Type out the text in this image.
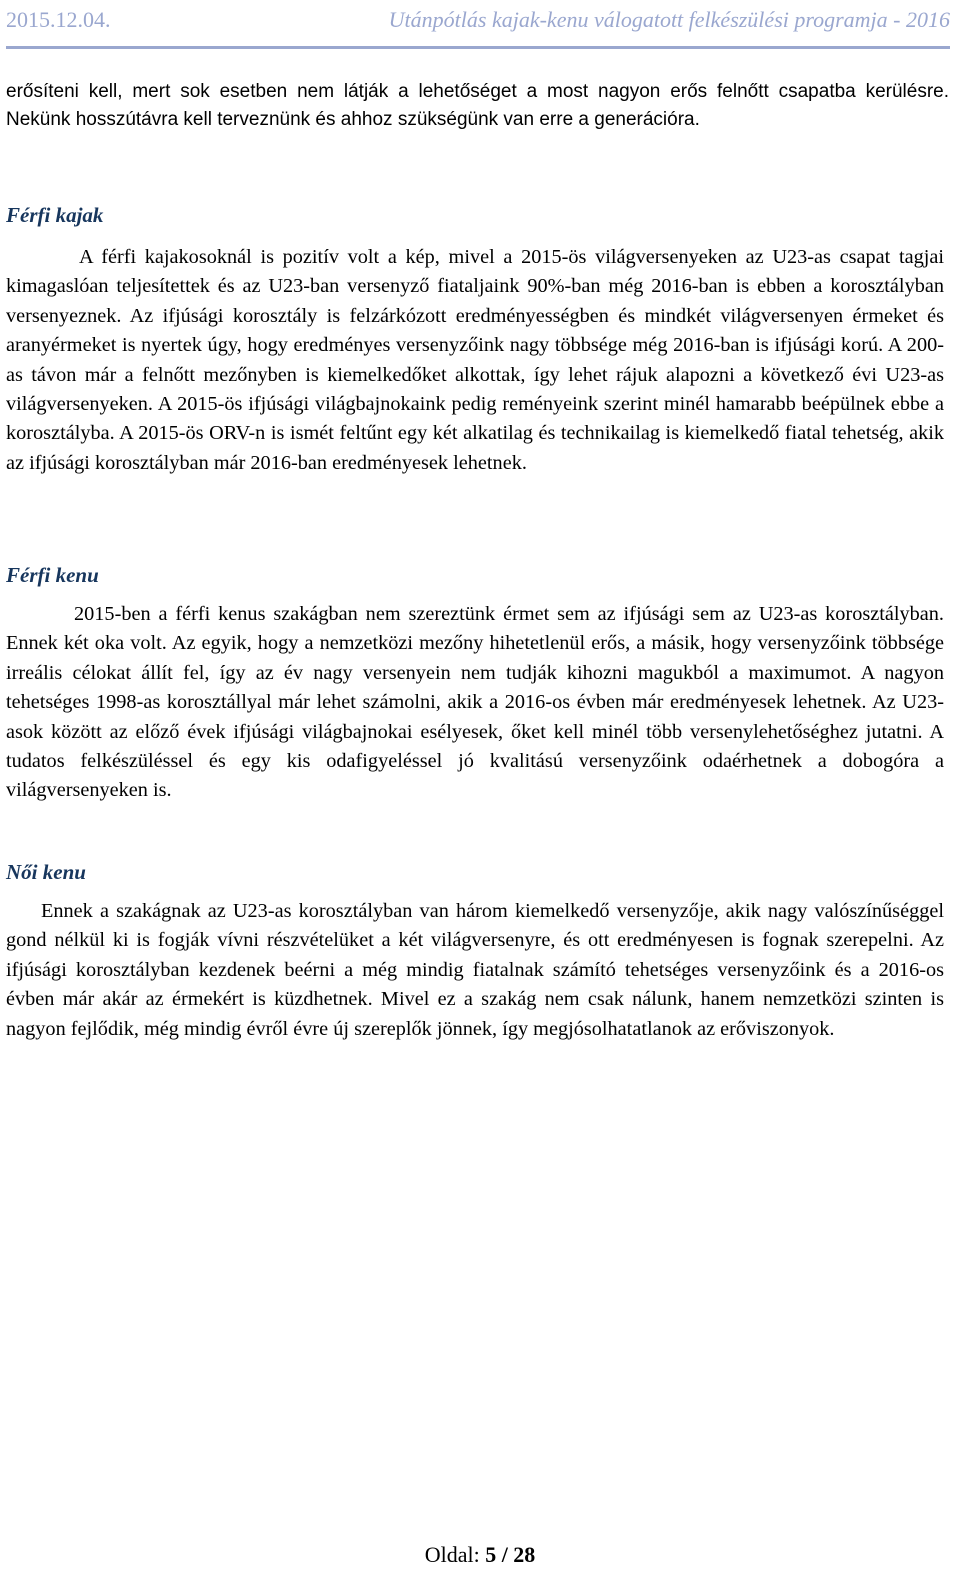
2015.12.04.	Utánpótlás kajak-kenu válogatott felkészülési programja - 2016

erősíteni kell, mert sok esetben nem látják a lehetőséget a most nagyon erős felnőtt csapatba kerülésre. Nekünk hosszútávra kell terveznünk és ahhoz szükségünk van erre a generációra.

Férfi kajak

A férfi kajakosoknál is pozitív volt a kép, mivel a 2015-ös világversenyeken az U23-as csapat tagjai kimagaslóan teljesítettek és az U23-ban versenyző fiataljaink 90%-ban még 2016-ban is ebben a korosztályban versenyeznek. Az ifjúsági korosztály is felzárkózott eredményességben és mindkét világversenyen érmeket és aranyérmeket is nyertek úgy, hogy eredményes versenyzőink nagy többsége még 2016-ban is ifjúsági korú. A 200-as távon már a felnőtt mezőnyben is kiemelkedőket alkottak, így lehet rájuk alapozni a következő évi U23-as világversenyeken. A 2015-ös ifjúsági világbajnokaink pedig reményeink szerint minél hamarabb beépülnek ebbe a korosztályba. A 2015-ös ORV-n is ismét feltűnt egy két alkatilag és technikailag is kiemelkedő fiatal tehetség, akik az ifjúsági korosztályban már 2016-ban eredményesek lehetnek.

Férfi kenu

2015-ben a férfi kenus szakágban nem szereztünk érmet sem az ifjúsági sem az U23-as korosztályban. Ennek két oka volt. Az egyik, hogy a nemzetközi mezőny hihetetlenül erős, a másik, hogy versenyzőink többsége irreális célokat állít fel, így az év nagy versenyein nem tudják kihozni magukból a maximumot. A nagyon tehetséges 1998-as korosztállyal már lehet számolni, akik a 2016-os évben már eredményesek lehetnek. Az U23-asok között az előző évek ifjúsági világbajnokai esélyesek, őket kell minél több versenylehetőséghez jutatni. A tudatos felkészüléssel és egy kis odafigyeléssel jó kvalitású versenyzőink odaérhetnek a dobogóra a világversenyeken is.

Női kenu

Ennek a szakágnak az U23-as korosztályban van három kiemelkedő versenyzője, akik nagy valószínűséggel gond nélkül ki is fogják vívni részvételüket a két világversenyre, és ott eredményesen is fognak szerepelni. Az ifjúsági korosztályban kezdenek beérni a még mindig fiatalnak számító tehetséges versenyzőink és a 2016-os évben már akár az érmekért is küzdhetnek. Mivel ez a szakág nem csak nálunk, hanem nemzetközi szinten is nagyon fejlődik, még mindig évről évre új szereplők jönnek, így megjósolhatatlanok az erőviszonyok.

Oldal: 5 / 28
